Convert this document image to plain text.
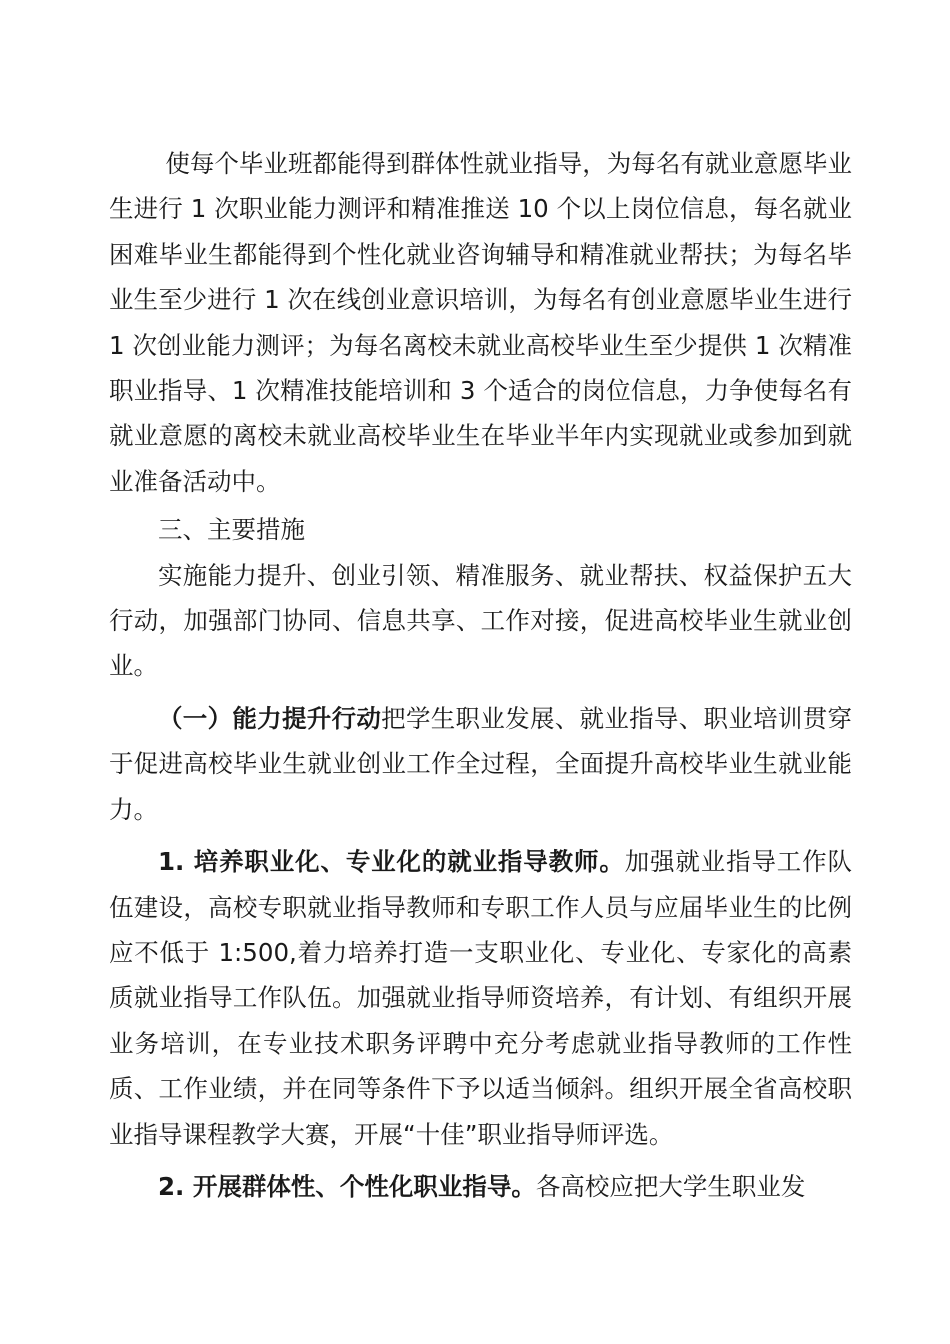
使每个毕业班都能得到群体性就业指导，为每名有就业意愿毕业生进行 1 次职业能力测评和精准推送 10 个以上岗位信息，每名就业困难毕业生都能得到个性化就业咨询辅导和精准就业帮扶；为每名毕业生至少进行 1 次在线创业意识培训，为每名有创业意愿毕业生进行 1 次创业能力测评；为每名离校未就业高校毕业生至少提供 1 次精准职业指导、1 次精准技能培训和 3 个适合的岗位信息，力争使每名有就业意愿的离校未就业高校毕业生在毕业半年内实现就业或参加到就业准备活动中。

三、主要措施

实施能力提升、创业引领、精准服务、就业帮扶、权益保护五大行动，加强部门协同、信息共享、工作对接，促进高校毕业生就业创业。

（一）能力提升行动把学生职业发展、就业指导、职业培训贯穿于促进高校毕业生就业创业工作全过程，全面提升高校毕业生就业能力。

1. 培养职业化、专业化的就业指导教师。加强就业指导工作队伍建设，高校专职就业指导教师和专职工作人员与应届毕业生的比例应不低于 1:500,着力培养打造一支职业化、专业化、专家化的高素质就业指导工作队伍。加强就业指导师资培养，有计划、有组织开展业务培训，在专业技术职务评聘中充分考虑就业指导教师的工作性质、工作业绩，并在同等条件下予以适当倾斜。组织开展全省高校职业指导课程教学大赛，开展“十佳”职业指导师评选。

2. 开展群体性、个性化职业指导。各高校应把大学生职业发
